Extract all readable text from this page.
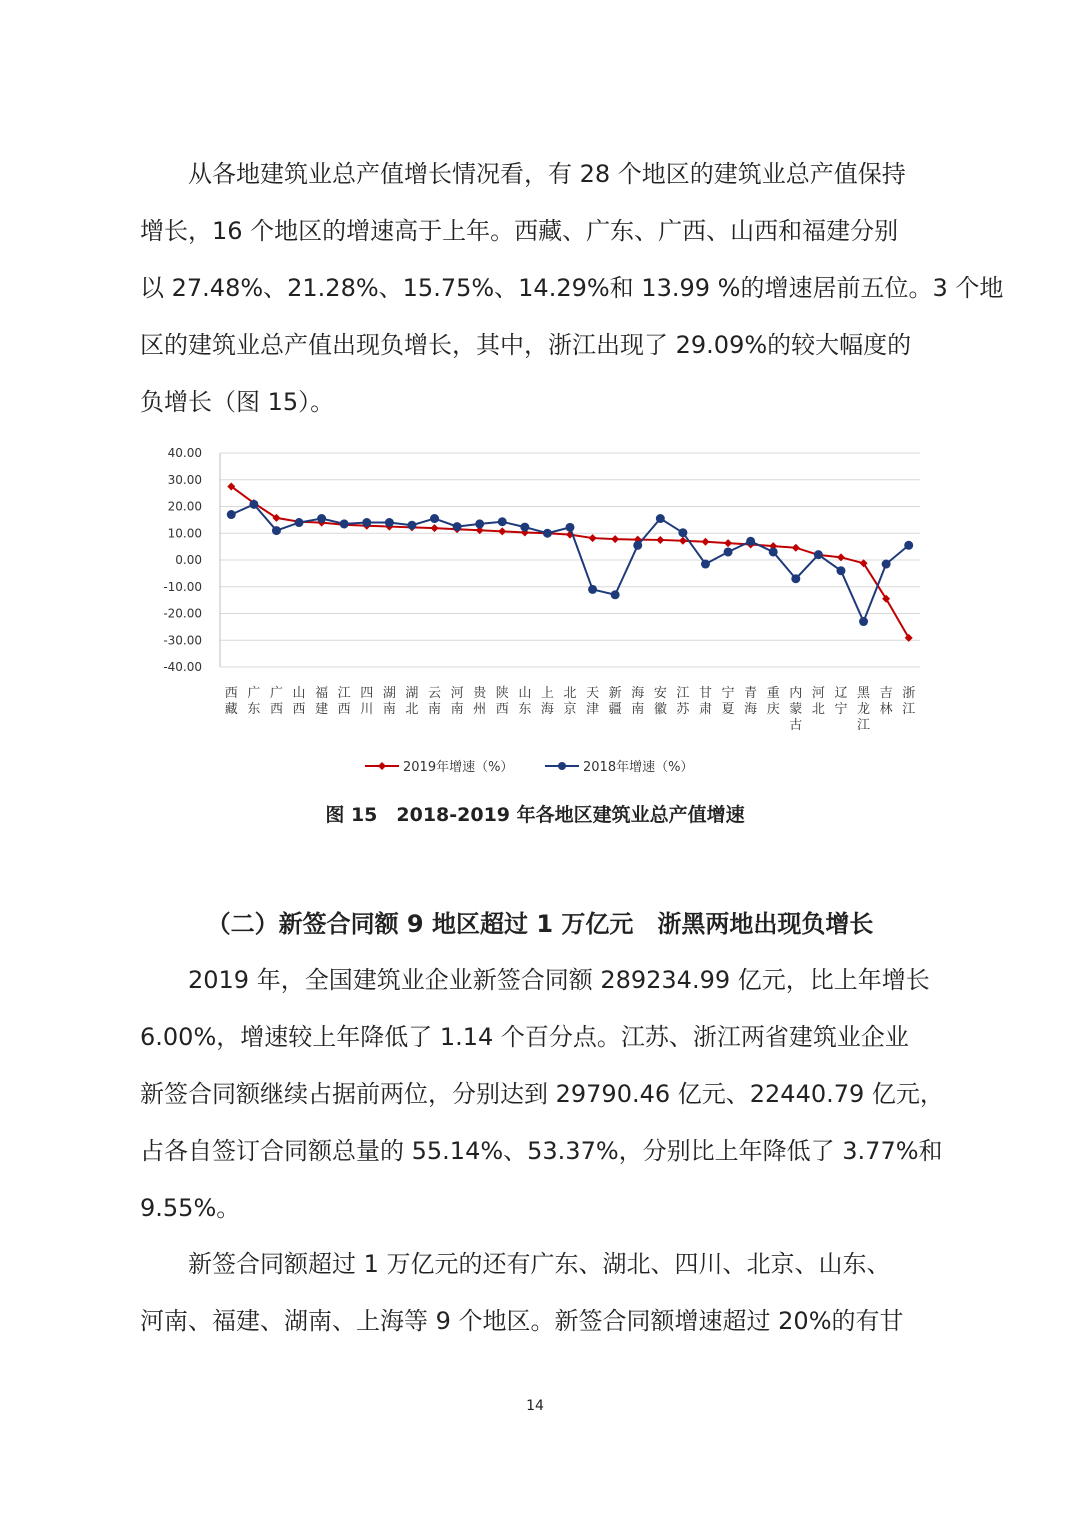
从各地建筑业总产值增长情况看，有 28 个地区的建筑业总产值保持
增长，16 个地区的增速高于上年。西藏、广东、广西、山西和福建分别
以 27.48%、21.28%、15.75%、14.29%和 13.99 %的增速居前五位。3 个地
区的建筑业总产值出现负增长，其中，浙江出现了 29.09%的较大幅度的
负增长（图 15）。
40.00
30.00
20.00
10.00
0.00
-10.00
-20.00
-30.00
-40.00
西
藏
广
东
广
西
山
西
福
建
江
西
四
川
湖
南
湖
北
云
南
河
南
贵
州
陕
西
山
东
上
海
北
京
天
津
新
疆
海
南
安
徽
江
苏
甘
肃
宁
夏
青
海
重
庆
内
蒙
古
河
北
辽
宁
黑
龙
江
吉
林
浙
江
2019年增速（%）	2018年增速（%）

图 15　2018-2019 年各地区建筑业总产值增速

（二）新签合同额 9 地区超过 1 万亿元　浙黑两地出现负增长

2019 年，全国建筑业企业新签合同额 289234.99 亿元，比上年增长
6.00%，增速较上年降低了 1.14 个百分点。江苏、浙江两省建筑业企业
新签合同额继续占据前两位，分别达到 29790.46 亿元、22440.79 亿元，
占各自签订合同额总量的 55.14%、53.37%，分别比上年降低了 3.77%和
9.55%。
新签合同额超过 1 万亿元的还有广东、湖北、四川、北京、山东、
河南、福建、湖南、上海等 9 个地区。新签合同额增速超过 20%的有甘
14
